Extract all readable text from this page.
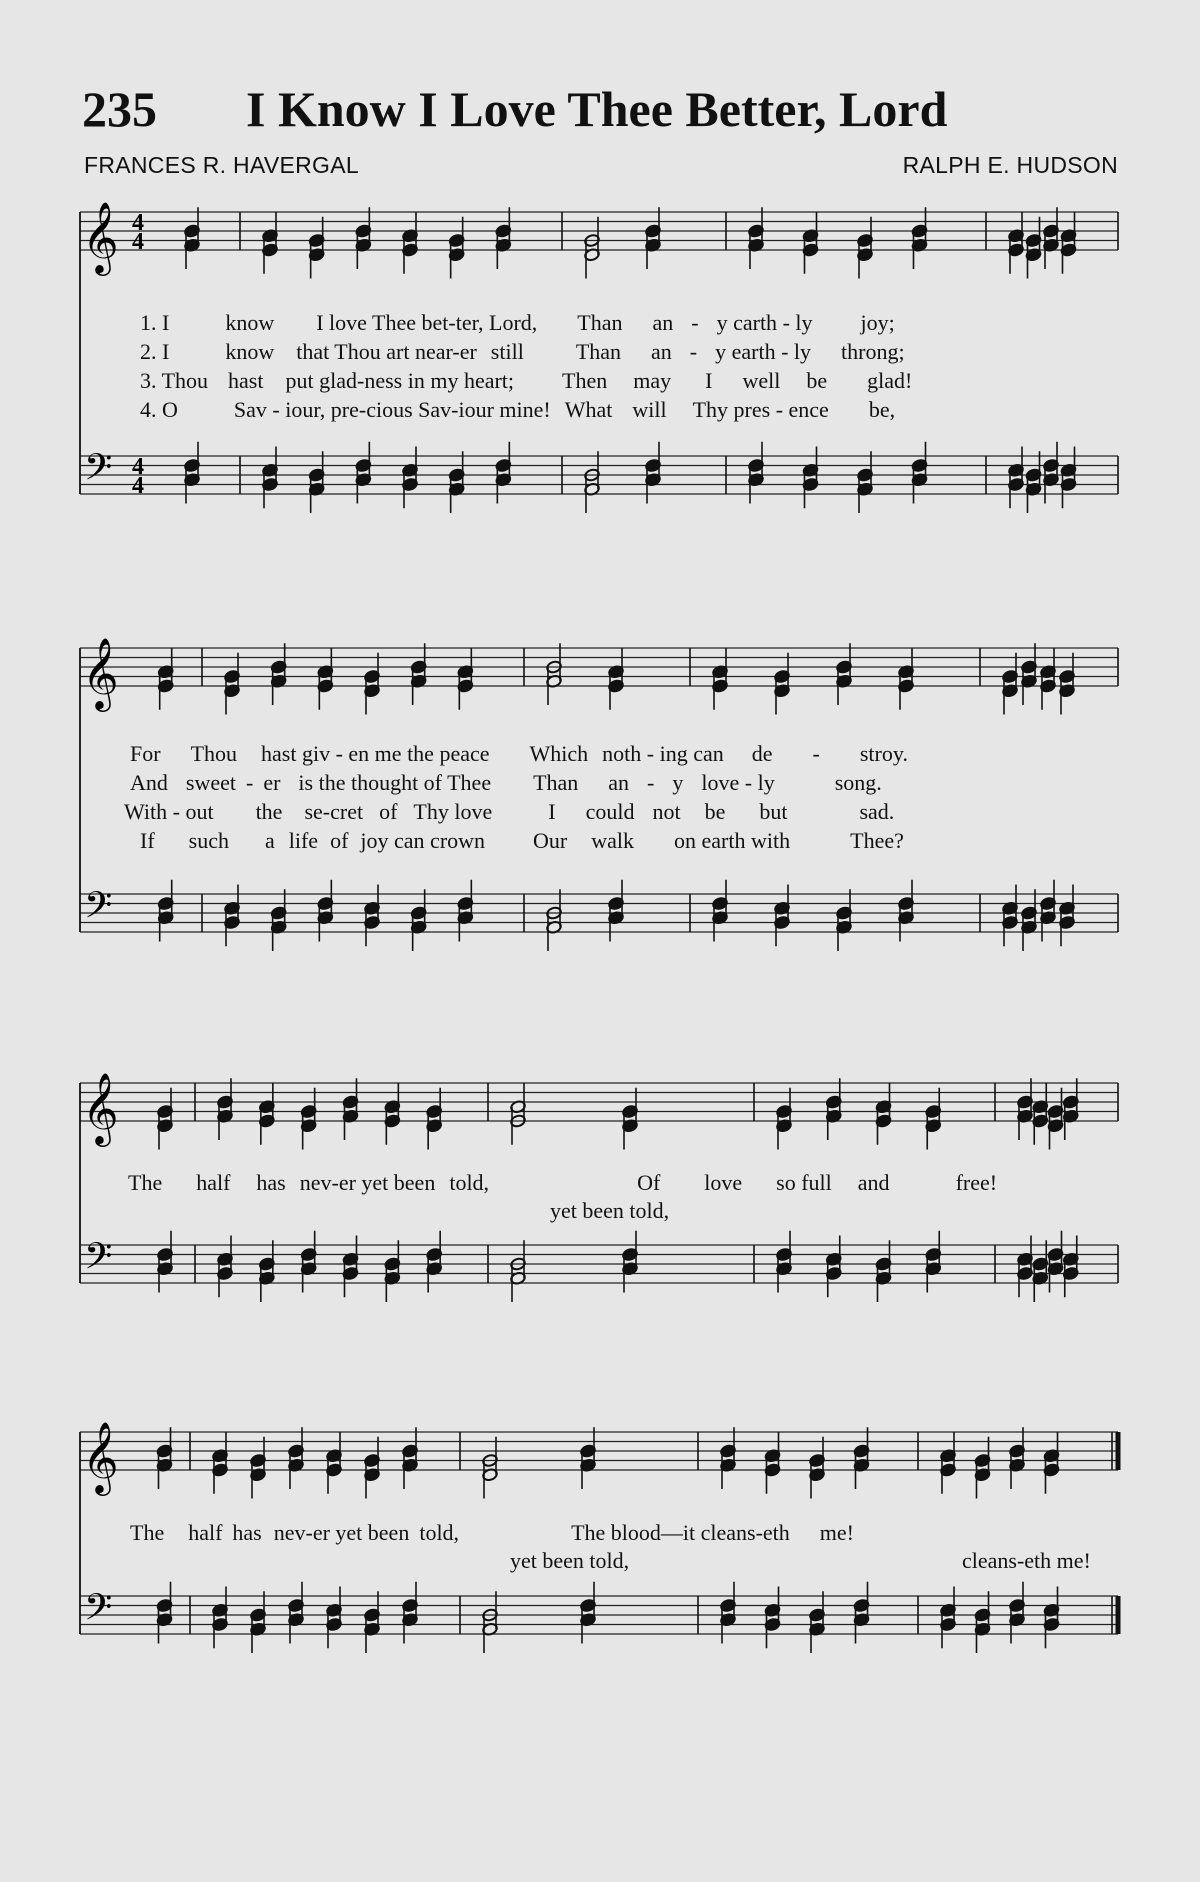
235 I Know I Love Thee Better, Lord
FRANCES R. HAVERGAL	RALPH E. HUDSON
𝄞
𝄢
4
4
4
4
𝄞
𝄢
𝄞
𝄢
𝄞
𝄢
1. I	know I love Thee bet-ter, Lord, Than an - y carth - ly joy;
2. I	know that Thou art near-er still Than an - y earth - ly throng;
3. Thou hast put glad-ness in my heart; Then may I well be glad!
4. O	Sav - iour, pre-cious Sav-iour mine! What will Thy pres - ence be,
For Thou hast giv - en me the peace Which noth - ing can de - stroy.
And sweet - er is the thought of Thee Than an - y love - ly	song.
With - out the se-cret of Thy love	I could not be but	sad.
If such a life of joy can crown Our walk on earth with	Thee?
The half has nev-er yet been told,	Of love so full and	free!
yet been told,
The half has nev-er yet been told,	The blood—it cleans-eth me!
yet been told,	cleans-eth me!
